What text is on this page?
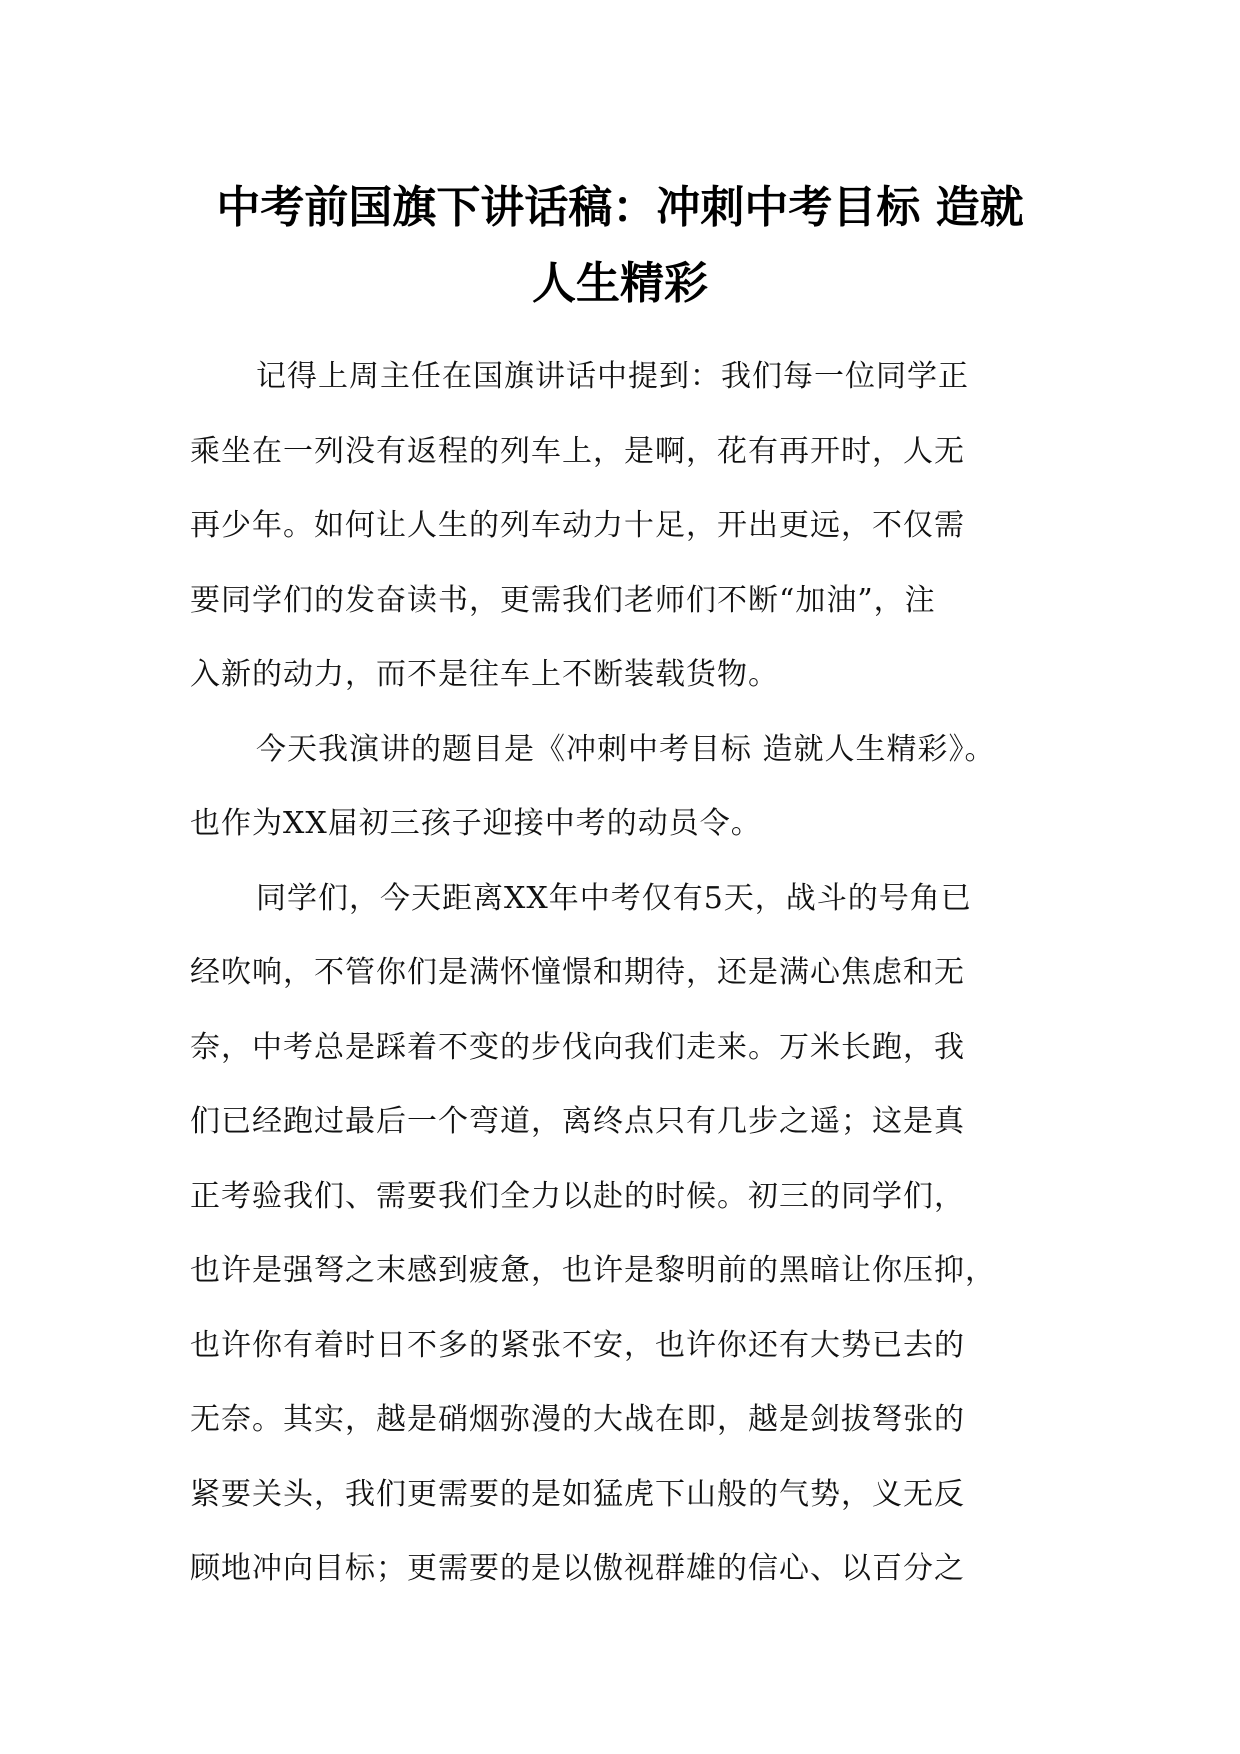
中考前国旗下讲话稿：冲刺中考目标 造就
人生精彩
记得上周主任在国旗讲话中提到：我们每一位同学正
乘坐在一列没有返程的列车上，是啊，花有再开时，人无
再少年。如何让人生的列车动力十足，开出更远，不仅需
要同学们的发奋读书，更需我们老师们不断“加油”，注
入新的动力，而不是往车上不断装载货物。
今天我演讲的题目是《冲刺中考目标 造就人生精彩》。
也作为XX届初三孩子迎接中考的动员令。
同学们，今天距离XX年中考仅有5天，战斗的号角已
经吹响，不管你们是满怀憧憬和期待，还是满心焦虑和无
奈，中考总是踩着不变的步伐向我们走来。万米长跑，我
们已经跑过最后一个弯道，离终点只有几步之遥；这是真
正考验我们、需要我们全力以赴的时候。初三的同学们，
也许是强弩之末感到疲惫，也许是黎明前的黑暗让你压抑，
也许你有着时日不多的紧张不安，也许你还有大势已去的
无奈。其实，越是硝烟弥漫的大战在即，越是剑拔弩张的
紧要关头，我们更需要的是如猛虎下山般的气势，义无反
顾地冲向目标；更需要的是以傲视群雄的信心、以百分之
